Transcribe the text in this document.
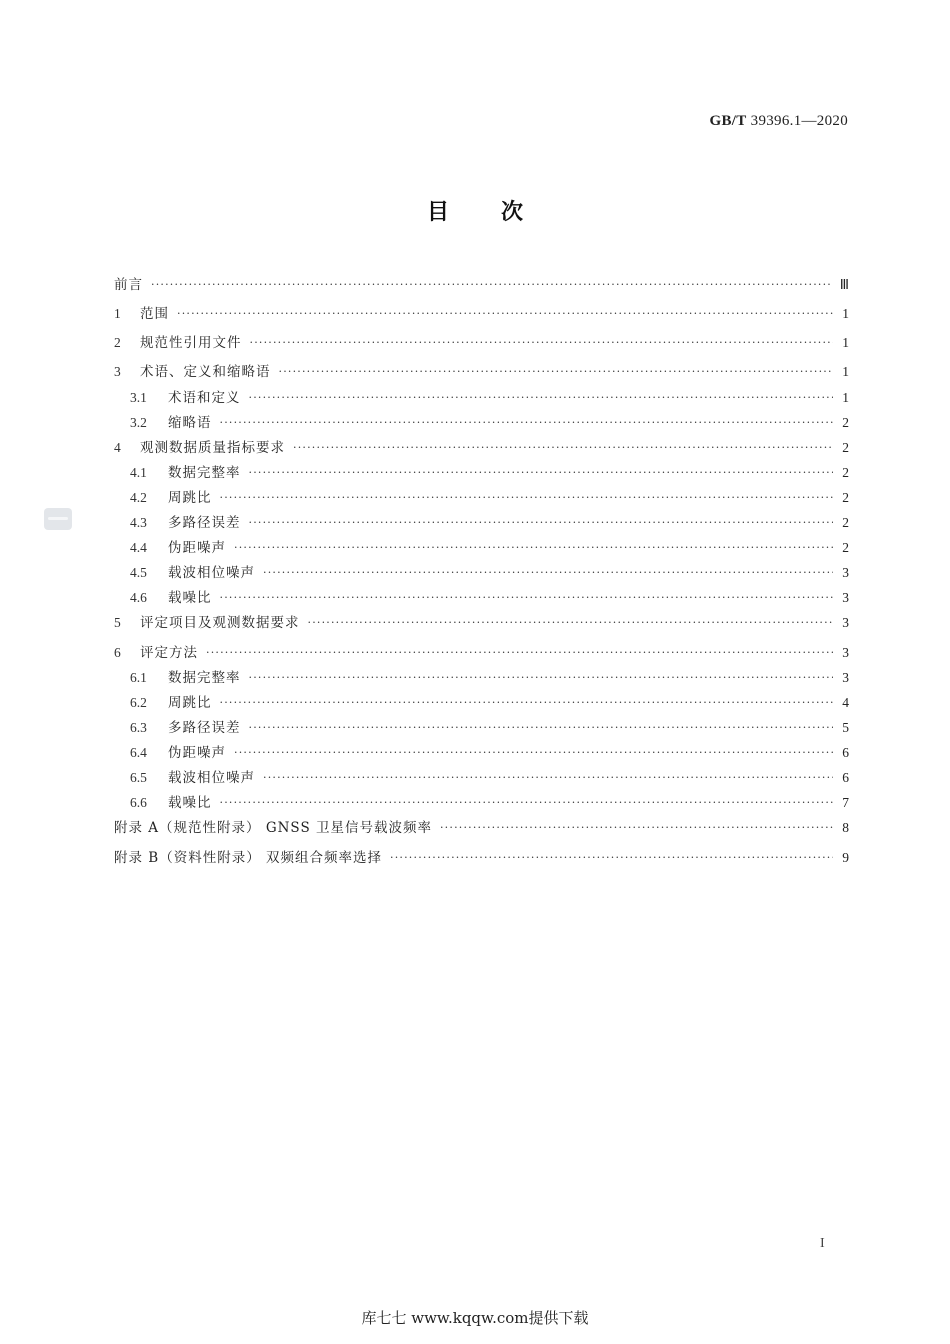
GB/T 39396.1—2020
目次
前言 ·····	Ⅲ
1	范围 ·····	1
2	规范性引用文件 ·····	1
3	术语、定义和缩略语 ·····	1
3.1	术语和定义 ·····	1
3.2	缩略语 ·····	2
4	观测数据质量指标要求 ·····	2
4.1	数据完整率 ·····	2
4.2	周跳比 ·····	2
4.3	多路径误差 ·····	2
4.4	伪距噪声 ·····	2
4.5	载波相位噪声 ·····	3
4.6	载噪比 ·····	3
5	评定项目及观测数据要求 ·····	3
6	评定方法 ·····	3
6.1	数据完整率 ·····	3
6.2	周跳比 ·····	4
6.3	多路径误差 ·····	5
6.4	伪距噪声 ·····	6
6.5	载波相位噪声 ·····	6
6.6	载噪比 ·····	7
附录 A（规范性附录） GNSS 卫星信号载波频率 ·····	8
附录 B（资料性附录） 双频组合频率选择 ·····	9
I
库七七 www.kqqw.com提供下载
